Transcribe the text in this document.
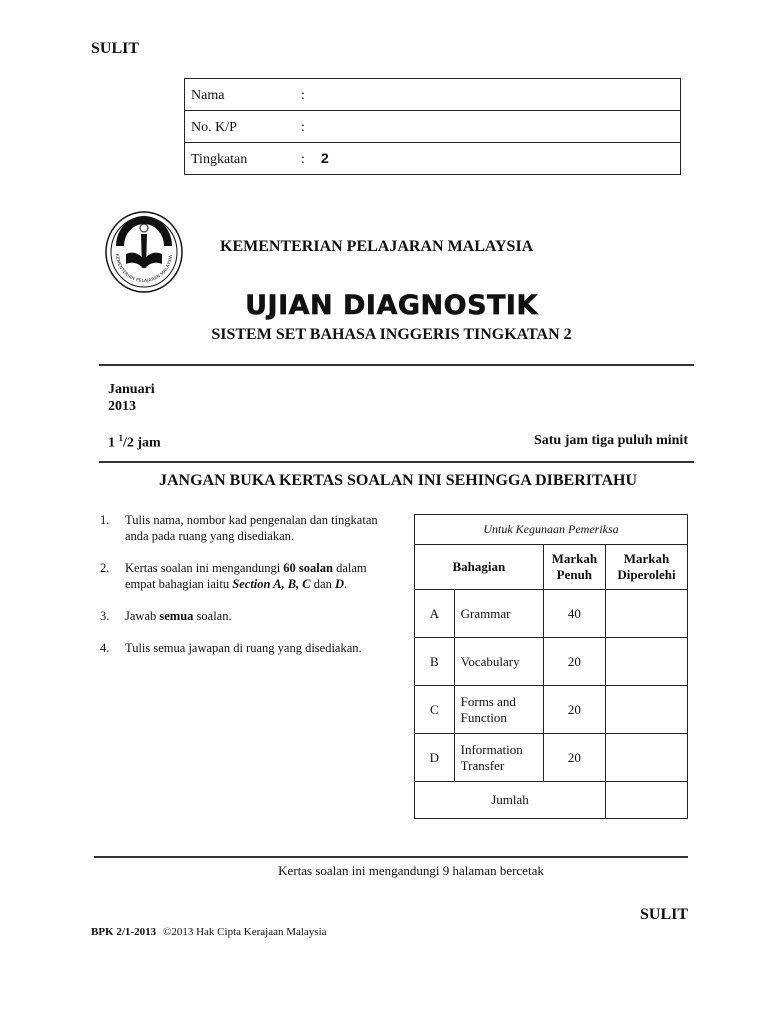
SULIT
Nama	:
No. K/P	:
Tingkatan	: 2
KEMENTERIAN PELAJARAN MALAYSIA
KEMENTERIAN PELAJARAN MALAYSIA
UJIAN DIAGNOSTIK
SISTEM SET BAHASA INGGERIS TINGKATAN 2
Januari
2013
1 $^1$/2 jam	Satu jam tiga puluh minit
JANGAN BUKA KERTAS SOALAN INI SEHINGGA DIBERITAHU
1.	Tulis nama, nombor kad pengenalan dan tingkatan anda pada ruang yang disediakan.
2.	Kertas soalan ini mengandungi 60 soalan dalam empat bahagian iaitu Section A, B, C dan D.
3.	Jawab semua soalan.
4.	Tulis semua jawapan di ruang yang disediakan.
Untuk Kegunaan Pemeriksa			
Bahagian		Markah Penuh	Markah Diperolehi
A	Grammar	40	
B	Vocabulary	20	
C	Forms and Function	20	
D	Information Transfer	20	
Jumlah			
Kertas soalan ini mengandungi 9 halaman bercetak
SULIT
BPK 2/1-2013 ©2013 Hak Cipta Kerajaan Malaysia
